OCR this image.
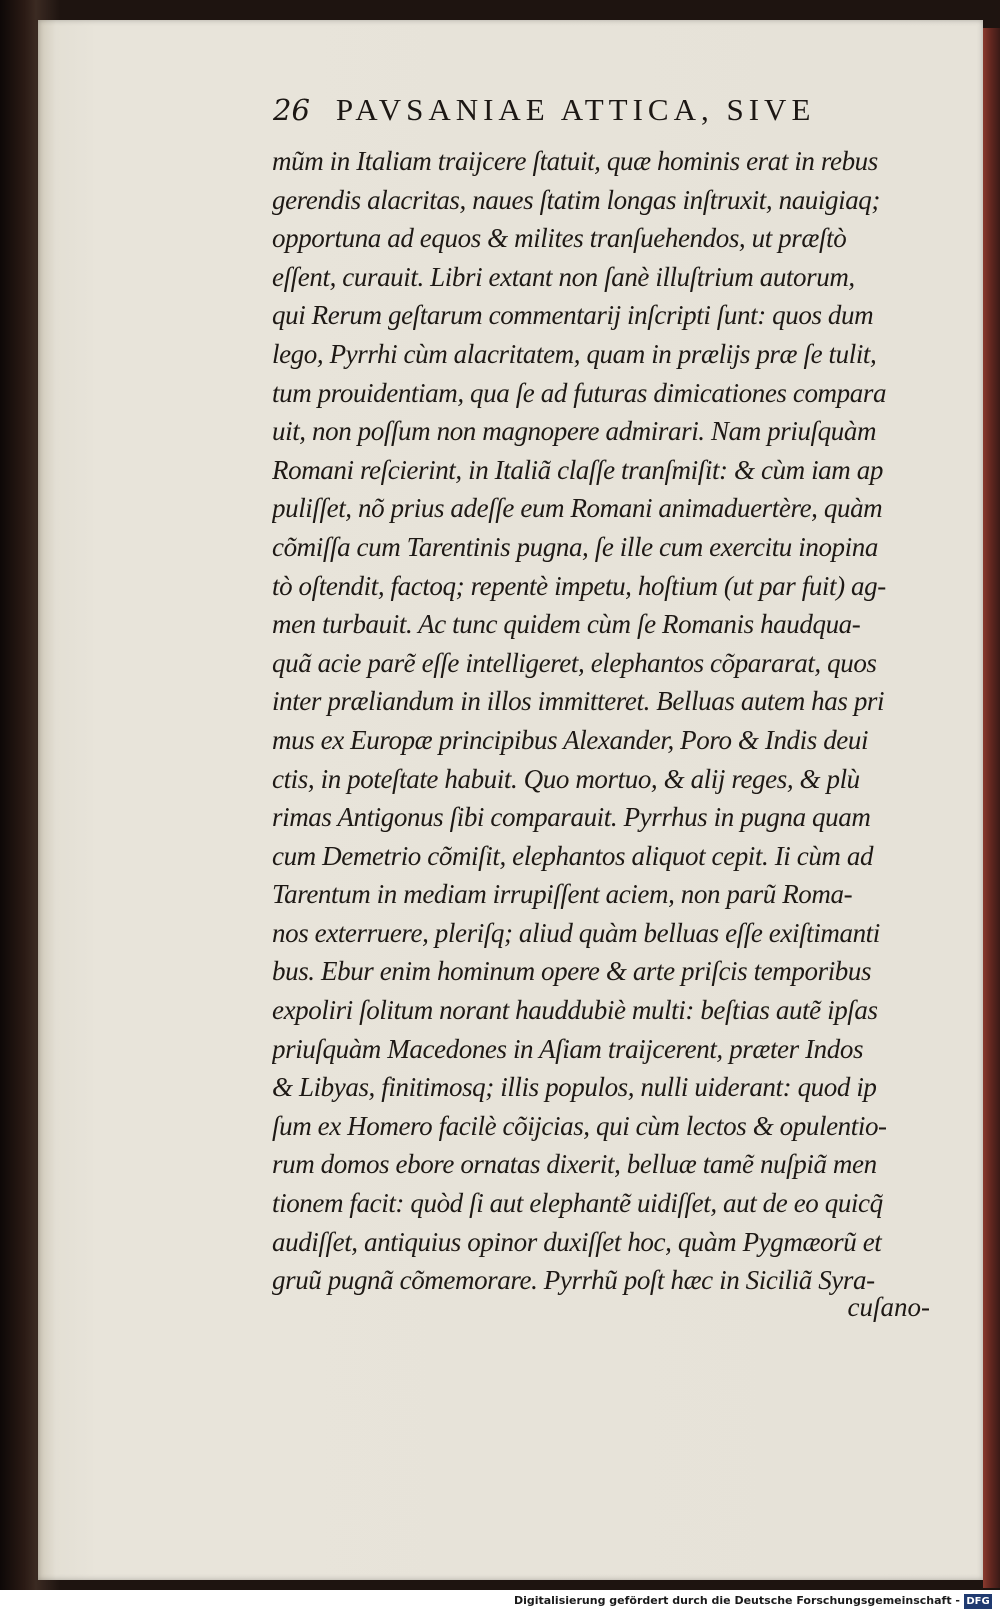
26 PAVSANIAE ATTICA, SIVE
mũm in Italiam traijcere ſtatuit, quæ hominis erat in rebus
gerendis alacritas, naues ſtatim longas inſtruxit, nauigiaq;
opportuna ad equos & milites tranſuehendos, ut præſtò
eſſent, curauit. Libri extant non ſanè illuſtrium autorum,
qui Rerum geſtarum commentarij inſcripti ſunt: quos dum
lego, Pyrrhi cùm alacritatem, quam in prælijs præ ſe tulit,
tum prouidentiam, qua ſe ad futuras dimicationes compara
uit, non poſſum non magnopere admirari. Nam priuſquàm
Romani reſcierint, in Italiã claſſe tranſmiſit: & cùm iam ap
puliſſet, nõ prius adeſſe eum Romani animaduertère, quàm
cõmiſſa cum Tarentinis pugna, ſe ille cum exercitu inopina
tò oſtendit, factoq; repentè impetu, hoſtium (ut par fuit) ag-
men turbauit. Ac tunc quidem cùm ſe Romanis haudqua-
quã acie parẽ eſſe intelligeret, elephantos cõpararat, quos
inter præliandum in illos immitteret. Belluas autem has pri
mus ex Europæ principibus Alexander, Poro & Indis deui
ctis, in poteſtate habuit. Quo mortuo, & alij reges, & plù
rimas Antigonus ſibi comparauit. Pyrrhus in pugna quam
cum Demetrio cõmiſit, elephantos aliquot cepit. Ii cùm ad
Tarentum in mediam irrupiſſent aciem, non parũ Roma-
nos exterruere, pleriſq; aliud quàm belluas eſſe exiſtimanti
bus. Ebur enim hominum opere & arte priſcis temporibus
expoliri ſolitum norant hauddubiè multi: beſtias autẽ ipſas
priuſquàm Macedones in Aſiam traijcerent, præter Indos
& Libyas, finitimosq; illis populos, nulli uiderant: quod ip
ſum ex Homero facilè cõijcias, qui cùm lectos & opulentio-
rum domos ebore ornatas dixerit, belluæ tamẽ nuſpiã men
tionem facit: quòd ſi aut elephantẽ uidiſſet, aut de eo quicq̃
audiſſet, antiquius opinor duxiſſet hoc, quàm Pygmæorũ et
gruũ pugnã cõmemorare. Pyrrhũ poſt hæc in Siciliã Syra-
cuſano-
Digitalisierung gefördert durch die Deutsche Forschungsgemeinschaft - DFG
